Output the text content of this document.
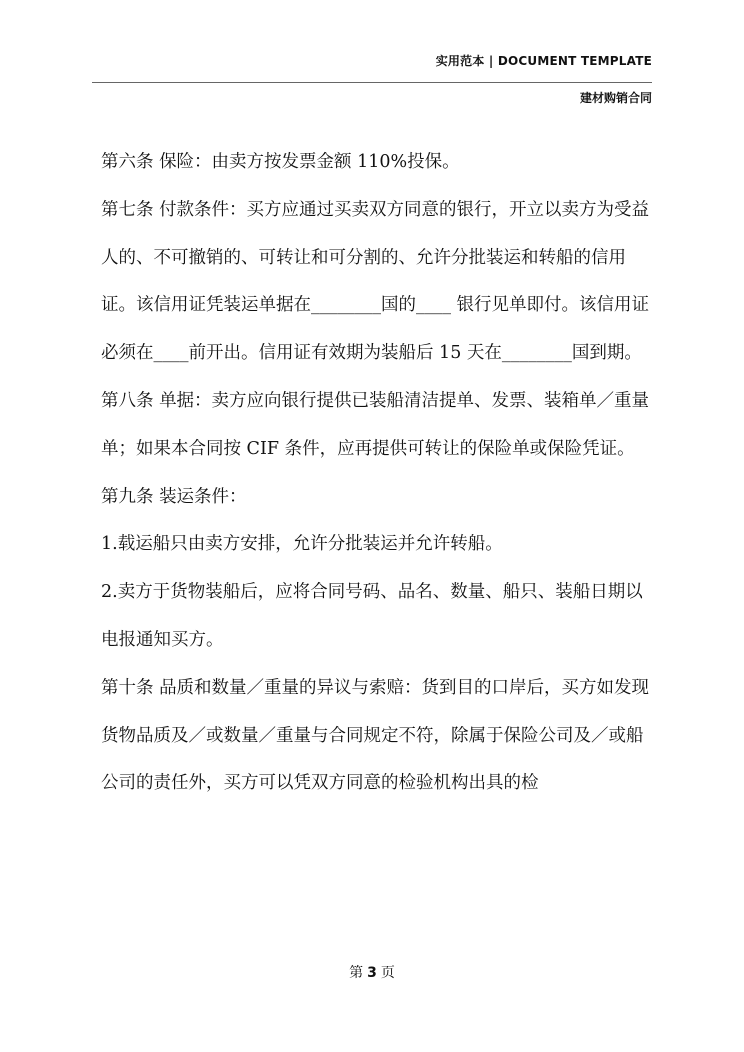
实用范本 | DOCUMENT TEMPLATE
建材购销合同

第六条 保险：由卖方按发票金额 110%投保。

第七条 付款条件：买方应通过买卖双方同意的银行，开立以卖方为受益人的、不可撤销的、可转让和可分割的、允许分批装运和转船的信用证。该信用证凭装运单据在________国的____ 银行见单即付。该信用证必须在____前开出。信用证有效期为装船后 15 天在________国到期。

第八条 单据：卖方应向银行提供已装船清洁提单、发票、装箱单／重量单；如果本合同按 CIF 条件，应再提供可转让的保险单或保险凭证。

第九条 装运条件：

1.载运船只由卖方安排，允许分批装运并允许转船。

2.卖方于货物装船后，应将合同号码、品名、数量、船只、装船日期以电报通知买方。

第十条 品质和数量／重量的异议与索赔：货到目的口岸后，买方如发现货物品质及／或数量／重量与合同规定不符，除属于保险公司及／或船公司的责任外，买方可以凭双方同意的检验机构出具的检

第 3 页
